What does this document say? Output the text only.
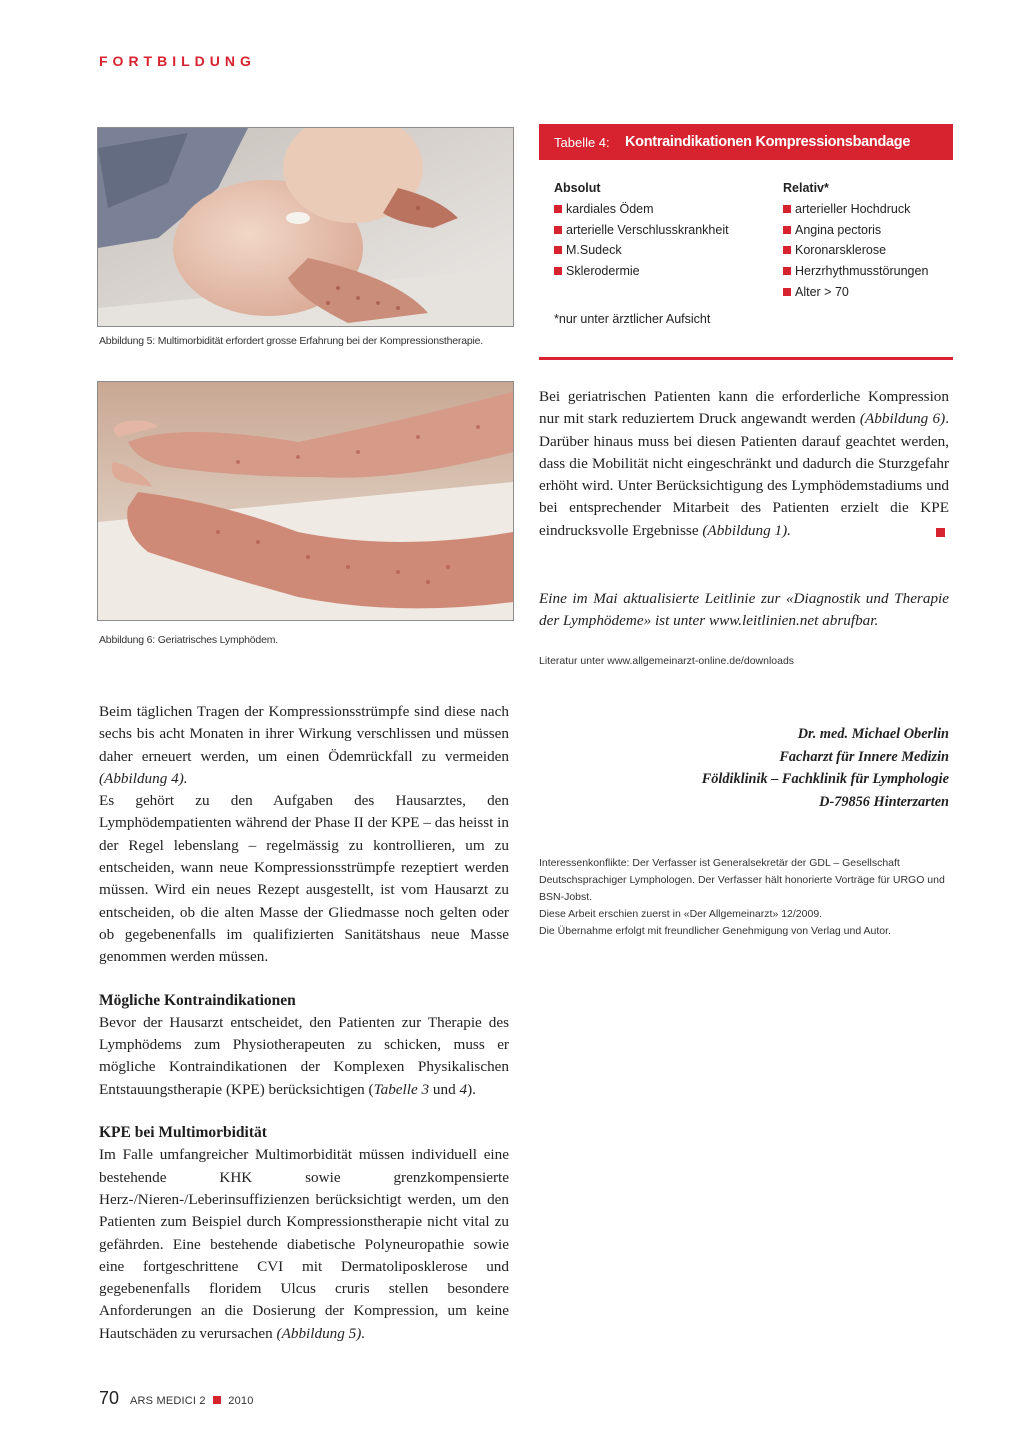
FORTBILDUNG
Abbildung 5: Multimorbidität erfordert grosse Erfahrung bei der Kompressionstherapie.
Abbildung 6: Geriatrisches Lymphödem.
Tabelle 4: Kontraindikationen Kompressionsbandage
Absolut
kardiales Ödem
arterielle Verschlusskrankheit
M.Sudeck
Sklerodermie
Relativ*
arterieller Hochdruck
Angina pectoris
Koronarsklerose
Herzrhythmusstörungen
Alter > 70
*nur unter ärztlicher Aufsicht

Bei geriatrischen Patienten kann die erforderliche Kompression nur mit stark reduziertem Druck angewandt werden (Abbildung 6). Darüber hinaus muss bei diesen Patienten darauf geachtet werden, dass die Mobilität nicht eingeschränkt und dadurch die Sturzgefahr erhöht wird. Unter Berücksichtigung des Lymphödemstadiums und bei entsprechender Mitarbeit des Patienten erzielt die KPE eindrucksvolle Ergebnisse (Abbildung 1).

Eine im Mai aktualisierte Leitlinie zur «Diagnostik und Therapie der Lymphödeme» ist unter www.leitlinien.net abrufbar.
Literatur unter www.allgemeinarzt-online.de/downloads
Dr. med. Michael Oberlin
Facharzt für Innere Medizin
Földiklinik – Fachklinik für Lymphologie
D-79856 Hinterzarten
Interessenkonflikte: Der Verfasser ist Generalsekretär der GDL – Gesellschaft Deutschsprachiger Lymphologen. Der Verfasser hält honorierte Vorträge für URGO und BSN-Jobst.
Diese Arbeit erschien zuerst in «Der Allgemeinarzt» 12/2009.
Die Übernahme erfolgt mit freundlicher Genehmigung von Verlag und Autor.

Beim täglichen Tragen der Kompressionsstrümpfe sind diese nach sechs bis acht Monaten in ihrer Wirkung verschlissen und müssen daher erneuert werden, um einen Ödemrückfall zu vermeiden (Abbildung 4).

Es gehört zu den Aufgaben des Hausarztes, den Lymphödempatienten während der Phase II der KPE – das heisst in der Regel lebenslang – regelmässig zu kontrollieren, um zu entscheiden, wann neue Kompressionsstrümpfe rezeptiert werden müssen. Wird ein neues Rezept ausgestellt, ist vom Hausarzt zu entscheiden, ob die alten Masse der Gliedmasse noch gelten oder ob gegebenenfalls im qualifizierten Sanitätshaus neue Masse genommen werden müssen.

Mögliche Kontraindikationen

Bevor der Hausarzt entscheidet, den Patienten zur Therapie des Lymphödems zum Physiotherapeuten zu schicken, muss er mögliche Kontraindikationen der Komplexen Physikalischen Entstauungstherapie (KPE) berücksichtigen (Tabelle 3 und 4).

KPE bei Multimorbidität

Im Falle umfangreicher Multimorbidität müssen individuell eine bestehende KHK sowie grenzkompensierte Herz-/Nieren-/Leberinsuffizienzen berücksichtigt werden, um den Patienten zum Beispiel durch Kompressionstherapie nicht vital zu gefährden. Eine bestehende diabetische Polyneuropathie sowie eine fortgeschrittene CVI mit Dermatoliposklerose und gegebenenfalls floridem Ulcus cruris stellen besondere Anforderungen an die Dosierung der Kompression, um keine Hautschäden zu verursachen (Abbildung 5).

70 ARS MEDICI 2 2010
